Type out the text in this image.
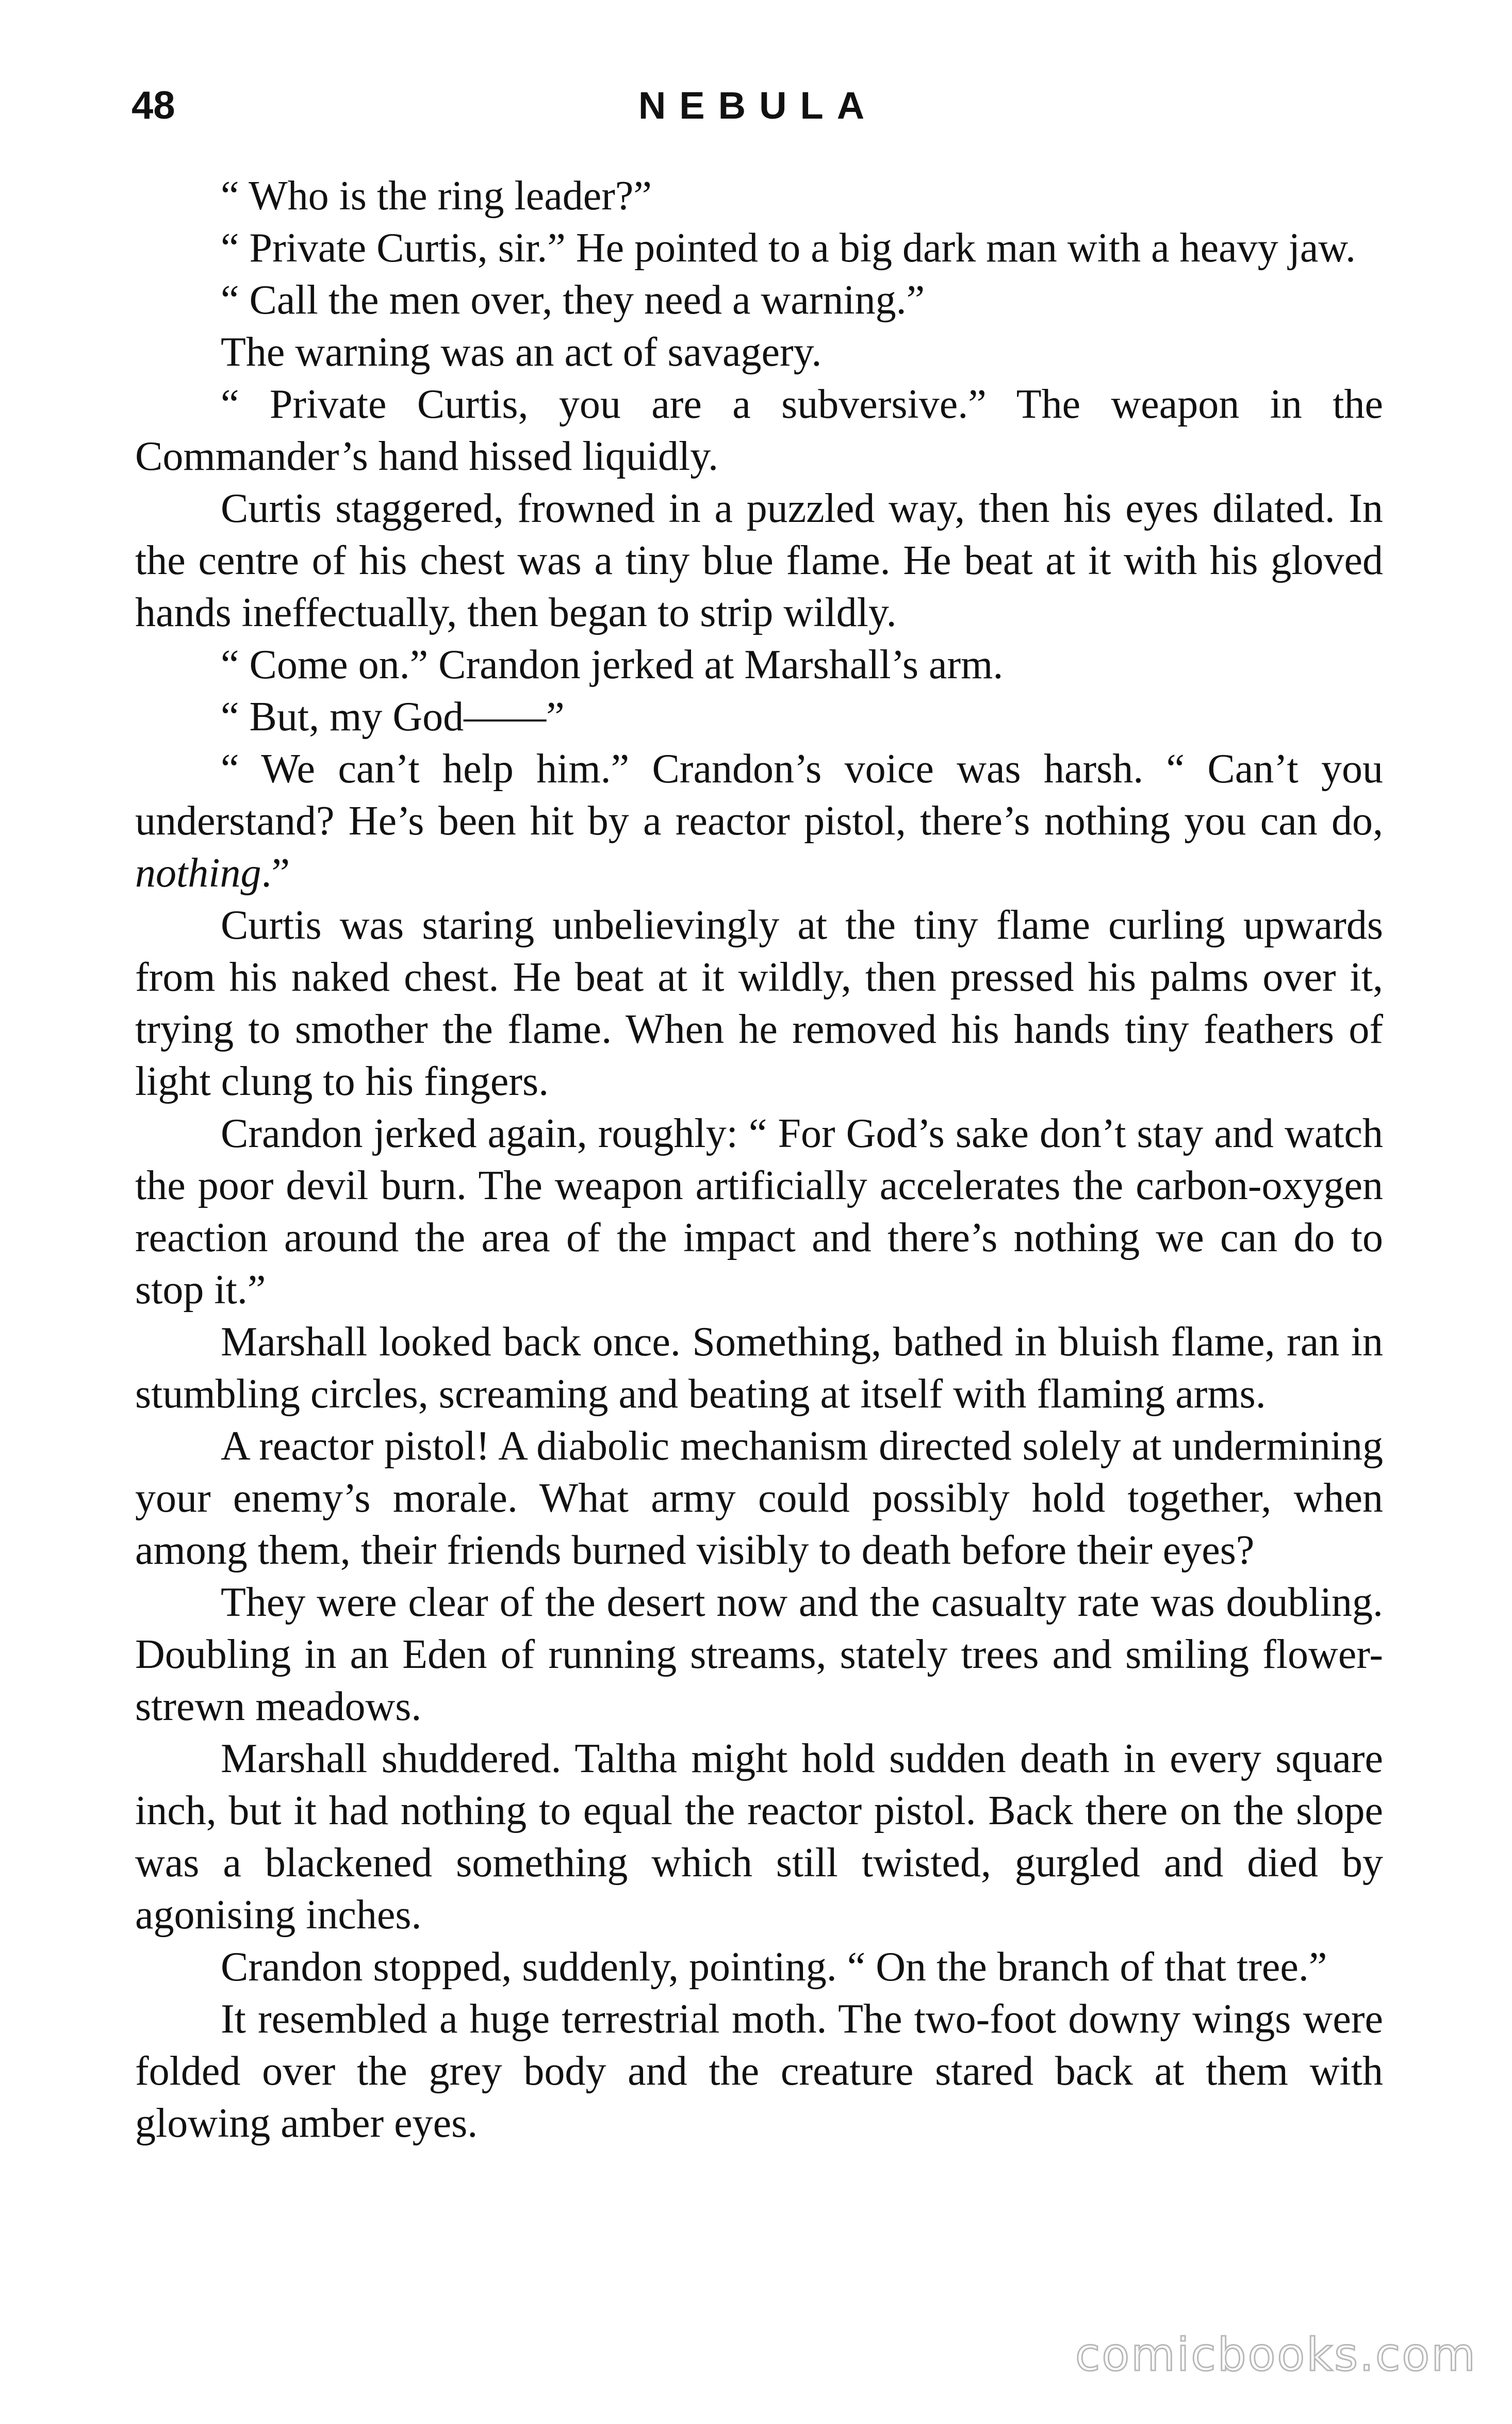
48	NEBULA

“ Who is the ring leader?”

“ Private Curtis, sir.” He pointed to a big dark man with a heavy jaw.

“ Call the men over, they need a warning.”

The warning was an act of savagery.

“ Private Curtis, you are a subversive.” The weapon in the Commander’s hand hissed liquidly.

Curtis staggered, frowned in a puzzled way, then his eyes dilated. In the centre of his chest was a tiny blue flame. He beat at it with his gloved hands ineffectually, then began to strip wildly.

“ Come on.” Crandon jerked at Marshall’s arm.

“ But, my God——”

“ We can’t help him.” Crandon’s voice was harsh. “ Can’t you understand? He’s been hit by a reactor pistol, there’s nothing you can do, nothing.”

Curtis was staring unbelievingly at the tiny flame curling upwards from his naked chest. He beat at it wildly, then pressed his palms over it, trying to smother the flame. When he removed his hands tiny feathers of light clung to his fingers.

Crandon jerked again, roughly: “ For God’s sake don’t stay and watch the poor devil burn. The weapon artificially accelerates the carbon-oxygen reaction around the area of the impact and there’s nothing we can do to stop it.”

Marshall looked back once. Something, bathed in bluish flame, ran in stumbling circles, screaming and beating at itself with flaming arms.

A reactor pistol! A diabolic mechanism directed solely at undermining your enemy’s morale. What army could possibly hold together, when among them, their friends burned visibly to death before their eyes?

They were clear of the desert now and the casualty rate was doubling. Doubling in an Eden of running streams, stately trees and smiling flower-strewn meadows.

Marshall shuddered. Taltha might hold sudden death in every square inch, but it had nothing to equal the reactor pistol. Back there on the slope was a blackened something which still twisted, gurgled and died by agonising inches.

Crandon stopped, suddenly, pointing. “ On the branch of that tree.”

It resembled a huge terrestrial moth. The two-foot downy wings were folded over the grey body and the creature stared back at them with glowing amber eyes.

comicbooks.com
